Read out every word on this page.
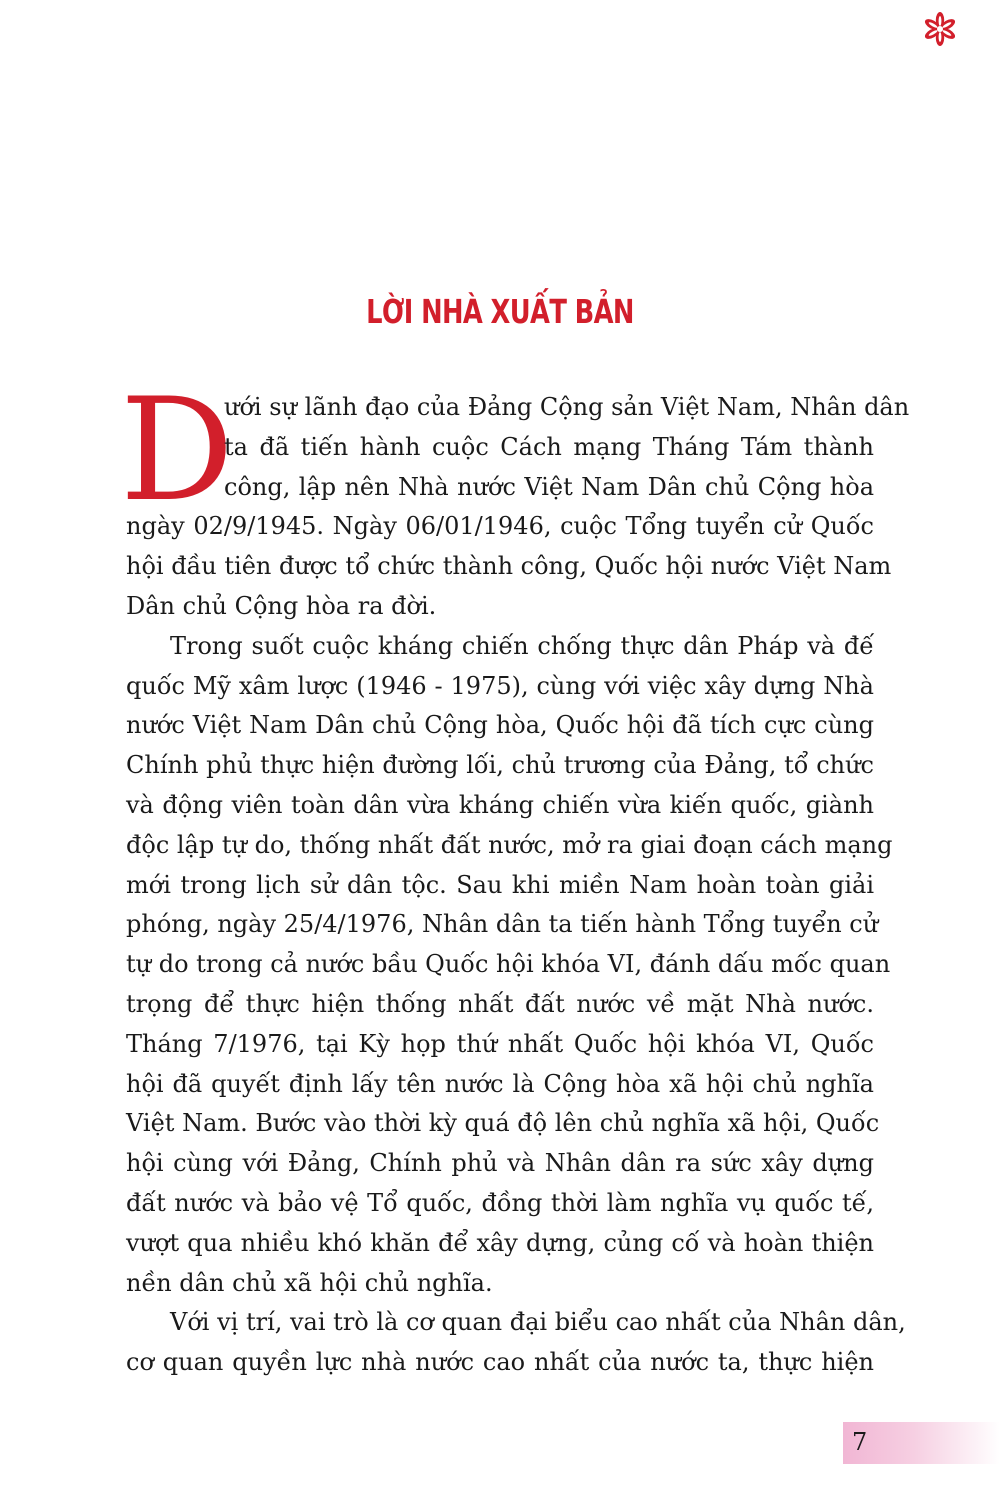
LỜI NHÀ XUẤT BẢN
D
ưới sự lãnh đạo của Đảng Cộng sản Việt Nam, Nhân dân
ta đã tiến hành cuộc Cách mạng Tháng Tám thành
công, lập nên Nhà nước Việt Nam Dân chủ Cộng hòa
ngày 02/9/1945. Ngày 06/01/1946, cuộc Tổng tuyển cử Quốc
hội đầu tiên được tổ chức thành công, Quốc hội nước Việt Nam
Dân chủ Cộng hòa ra đời.
Trong suốt cuộc kháng chiến chống thực dân Pháp và đế
quốc Mỹ xâm lược (1946 - 1975), cùng với việc xây dựng Nhà
nước Việt Nam Dân chủ Cộng hòa, Quốc hội đã tích cực cùng
Chính phủ thực hiện đường lối, chủ trương của Đảng, tổ chức
và động viên toàn dân vừa kháng chiến vừa kiến quốc, giành
độc lập tự do, thống nhất đất nước, mở ra giai đoạn cách mạng
mới trong lịch sử dân tộc. Sau khi miền Nam hoàn toàn giải
phóng, ngày 25/4/1976, Nhân dân ta tiến hành Tổng tuyển cử
tự do trong cả nước bầu Quốc hội khóa VI, đánh dấu mốc quan
trọng để thực hiện thống nhất đất nước về mặt Nhà nước.
Tháng 7/1976, tại Kỳ họp thứ nhất Quốc hội khóa VI, Quốc
hội đã quyết định lấy tên nước là Cộng hòa xã hội chủ nghĩa
Việt Nam. Bước vào thời kỳ quá độ lên chủ nghĩa xã hội, Quốc
hội cùng với Đảng, Chính phủ và Nhân dân ra sức xây dựng
đất nước và bảo vệ Tổ quốc, đồng thời làm nghĩa vụ quốc tế,
vượt qua nhiều khó khăn để xây dựng, củng cố và hoàn thiện
nền dân chủ xã hội chủ nghĩa.
Với vị trí, vai trò là cơ quan đại biểu cao nhất của Nhân dân,
cơ quan quyền lực nhà nước cao nhất của nước ta, thực hiện
7
